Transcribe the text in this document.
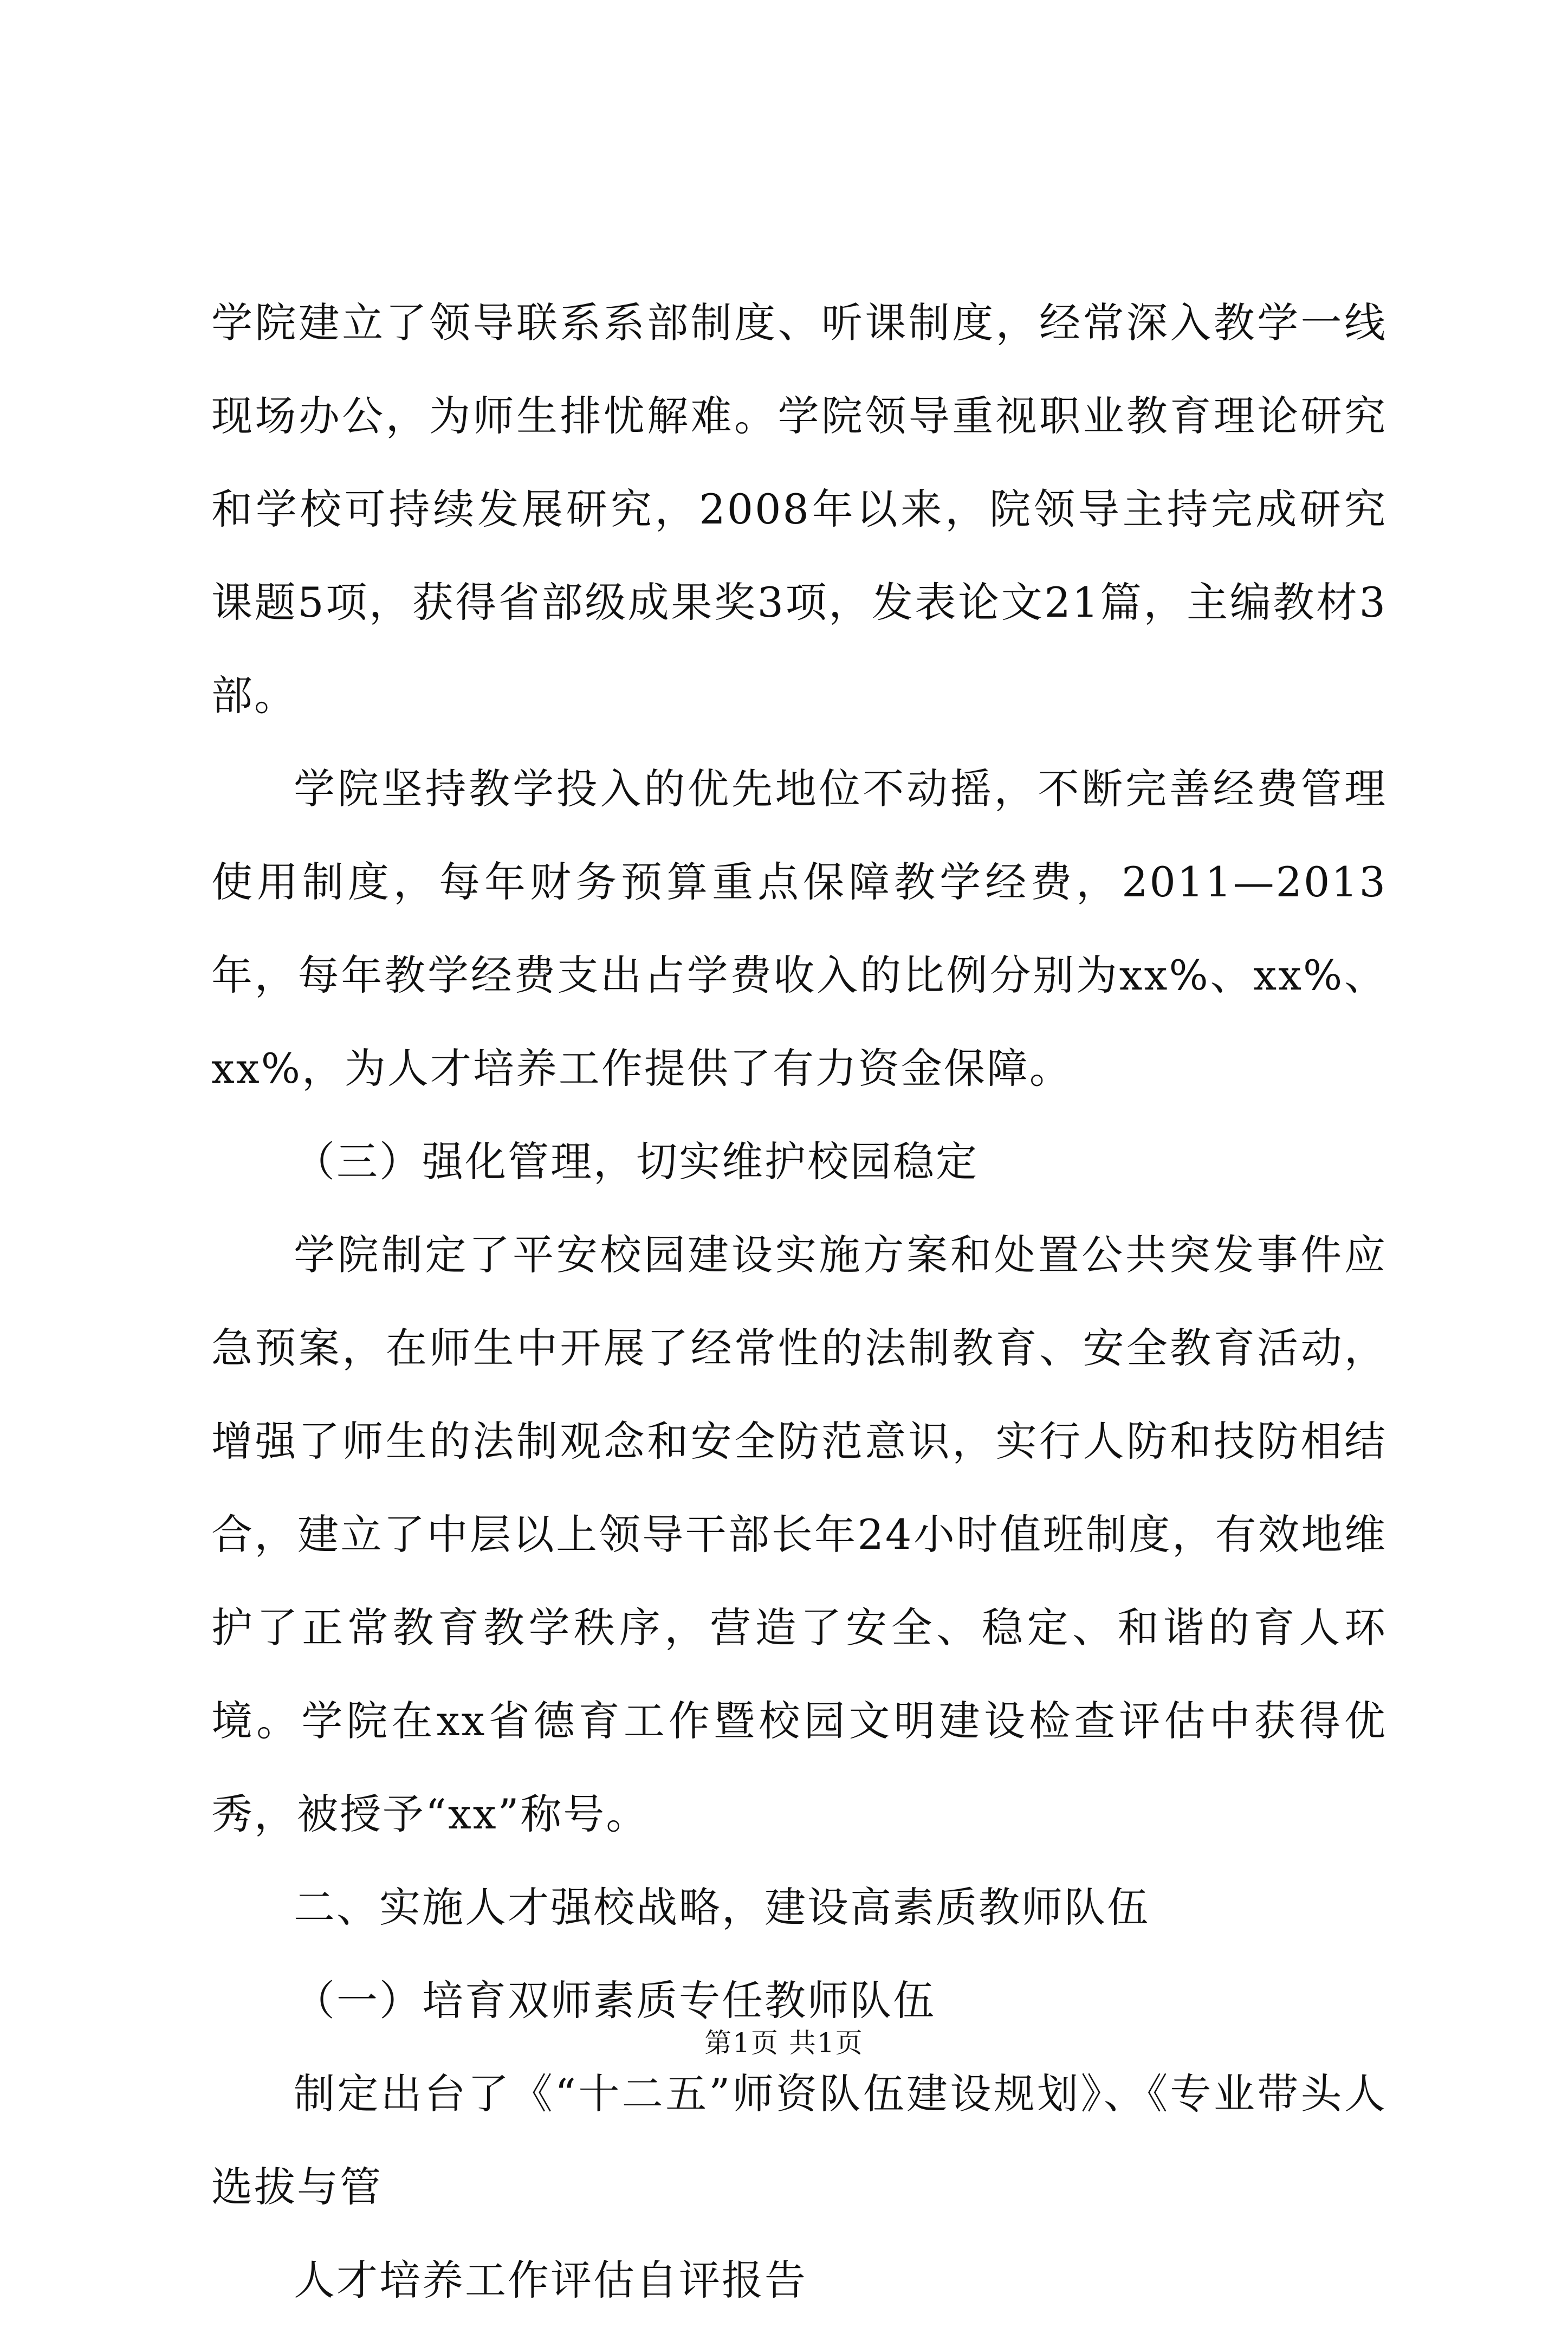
学院建立了领导联系系部制度、听课制度，经常深入教学一线现场办公，为师生排忧解难。学院领导重视职业教育理论研究和学校可持续发展研究，2008年以来，院领导主持完成研究课题5项，获得省部级成果奖3项，发表论文21篇，主编教材3部。

学院坚持教学投入的优先地位不动摇，不断完善经费管理使用制度，每年财务预算重点保障教学经费，2011—2013年，每年教学经费支出占学费收入的比例分别为xx%、xx%、xx%，为人才培养工作提供了有力资金保障。

（三）强化管理，切实维护校园稳定

学院制定了平安校园建设实施方案和处置公共突发事件应急预案，在师生中开展了经常性的法制教育、安全教育活动，增强了师生的法制观念和安全防范意识，实行人防和技防相结合，建立了中层以上领导干部长年24小时值班制度，有效地维护了正常教育教学秩序，营造了安全、稳定、和谐的育人环境。学院在xx省德育工作暨校园文明建设检查评估中获得优秀，被授予“xx”称号。

二、实施人才强校战略，建设高素质教师队伍

（一）培育双师素质专任教师队伍

制定出台了《“十二五”师资队伍建设规划》、《专业带头人选拔与管

人才培养工作评估自评报告

第1页 共1页
